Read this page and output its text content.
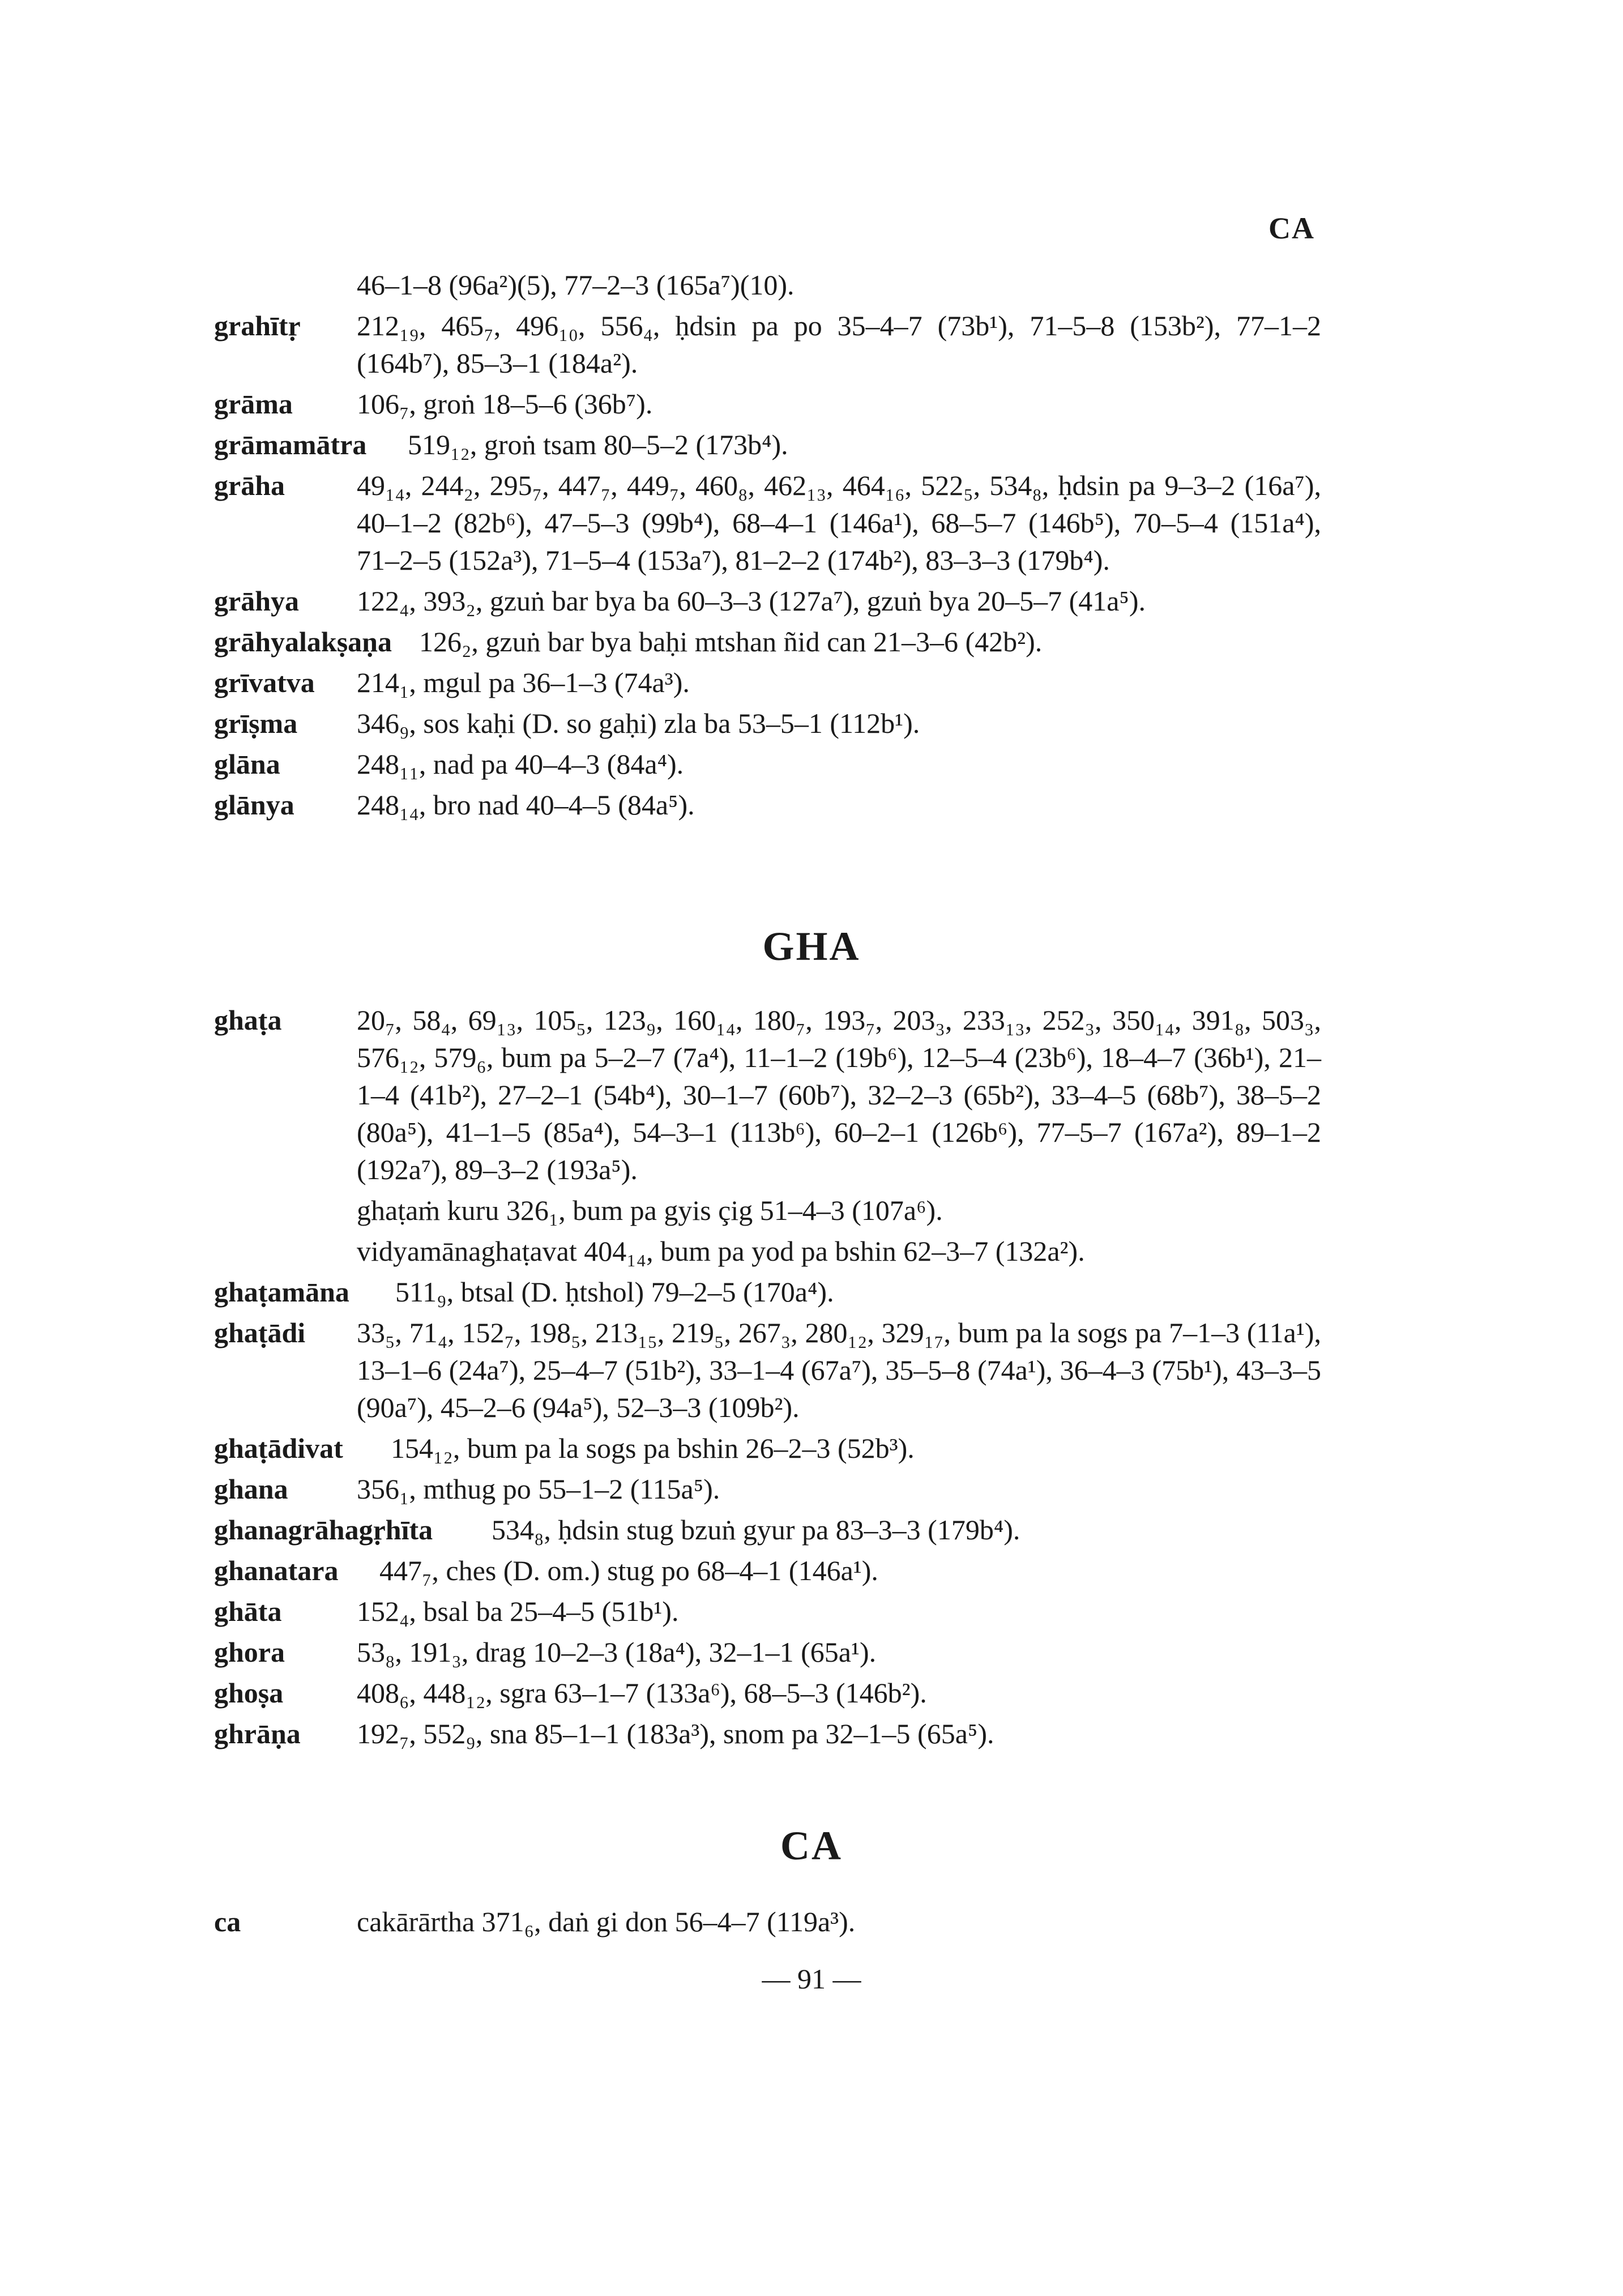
CA
46–1–8 (96a²)(5), 77–2–3 (165a⁷)(10).
grahītṛ 212₁₉, 465₇, 496₁₀, 556₄, ḥdsin pa po 35–4–7 (73b¹), 71–5–8 (153b²), 77–1–2 (164b⁷), 85–3–1 (184a²).
grāma 106₇, groṅ 18–5–6 (36b⁷).
grāmamātra 519₁₂, groṅ tsam 80–5–2 (173b⁴).
grāha	49₁₄, 244₂, 295₇, 447₇, 449₇, 460₈, 462₁₃, 464₁₆, 522₅, 534₈, ḥdsin pa 9–3–2 (16a⁷), 40–1–2 (82b⁶), 47–5–3 (99b⁴), 68–4–1 (146a¹), 68–5–7 (146b⁵), 70–5–4 (151a⁴), 71–2–5 (152a³), 71–5–4 (153a⁷), 81–2–2 (174b²), 83–3–3 (179b⁴).
grāhya 122₄, 393₂, gzuṅ bar bya ba 60–3–3 (127a⁷), gzuṅ bya 20–5–7 (41a⁵).
grāhyalakṣaṇa 126₂, gzuṅ bar bya baḥi mtshan ñid can 21–3–6 (42b²).
grīvatva 214₁, mgul pa 36–1–3 (74a³).
grīṣma 346₉, sos kaḥi (D. so gaḥi) zla ba 53–5–1 (112b¹).
glāna	248₁₁, nad pa 40–4–3 (84a⁴).
glānya 248₁₄, bro nad 40–4–5 (84a⁵).
GHA
ghaṭa	20₇, 58₄, 69₁₃, 105₅, 123₉, 160₁₄, 180₇, 193₇, 203₃, 233₁₃, 252₃, 350₁₄, 391₈, 503₃, 576₁₂, 579₆, bum pa 5–2–7 (7a⁴), 11–1–2 (19b⁶), 12–5–4 (23b⁶), 18–4–7 (36b¹), 21–1–4 (41b²), 27–2–1 (54b⁴), 30–1–7 (60b⁷), 32–2–3 (65b²), 33–4–5 (68b⁷), 38–5–2 (80a⁵), 41–1–5 (85a⁴), 54–3–1 (113b⁶), 60–2–1 (126b⁶), 77–5–7 (167a²), 89–1–2 (192a⁷), 89–3–2 (193a⁵).
ghaṭaṁ kuru 326₁, bum pa gyis çig 51–4–3 (107a⁶).
vidyamānaghaṭavat 404₁₄, bum pa yod pa bshin 62–3–7 (132a²).
ghaṭamāna 511₉, btsal (D. ḥtshol) 79–2–5 (170a⁴).
ghaṭādi 33₅, 71₄, 152₇, 198₅, 213₁₅, 219₅, 267₃, 280₁₂, 329₁₇, bum pa la sogs pa 7–1–3 (11a¹), 13–1–6 (24a⁷), 25–4–7 (51b²), 33–1–4 (67a⁷), 35–5–8 (74a¹), 36–4–3 (75b¹), 43–3–5 (90a⁷), 45–2–6 (94a⁵), 52–3–3 (109b²).
ghaṭādivat 154₁₂, bum pa la sogs pa bshin 26–2–3 (52b³).
ghana 356₁, mthug po 55–1–2 (115a⁵).
ghanagrāhagṛhīta 534₈, ḥdsin stug bzuṅ gyur pa 83–3–3 (179b⁴).
ghanatara 447₇, ches (D. om.) stug po 68–4–1 (146a¹).
ghāta	152₄, bsal ba 25–4–5 (51b¹).
ghora	53₈, 191₃, drag 10–2–3 (18a⁴), 32–1–1 (65a¹).
ghoṣa	408₆, 448₁₂, sgra 63–1–7 (133a⁶), 68–5–3 (146b²).
ghrāṇa 192₇, 552₉, sna 85–1–1 (183a³), snom pa 32–1–5 (65a⁵).
CA
ca	cakārārtha 371₆, daṅ gi don 56–4–7 (119a³).
— 91 —
